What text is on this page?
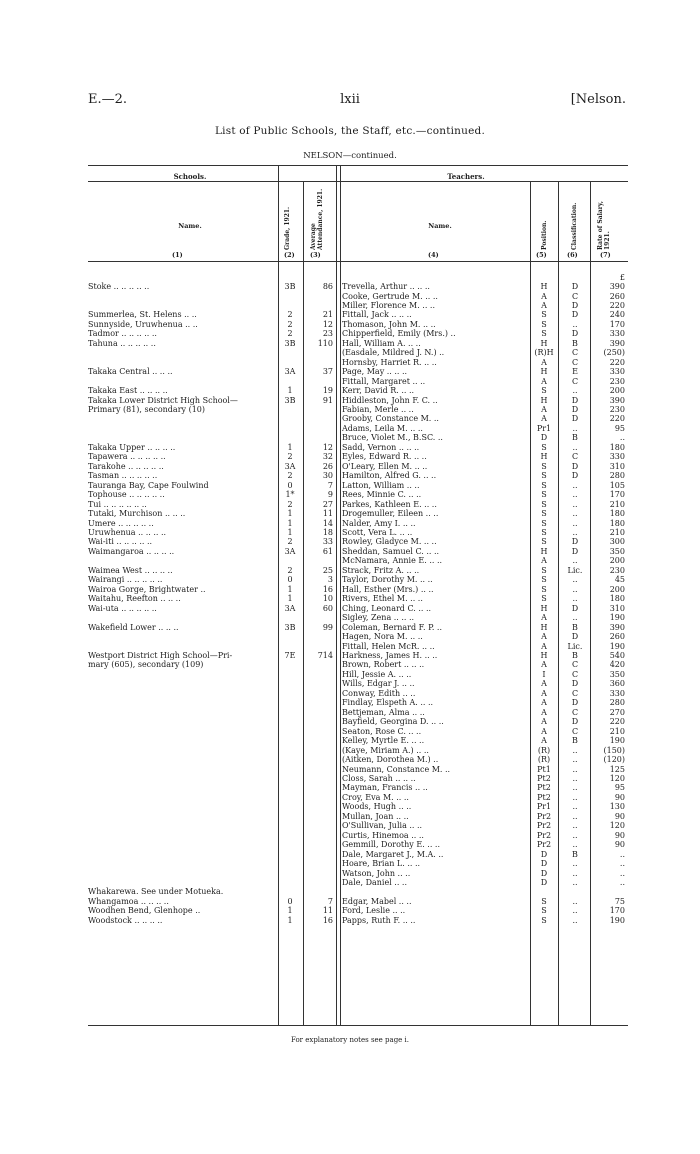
E.—2.	lxii	[Nelson.
List of Public Schools, the Staff, etc.—continued.
NELSON—continued.
Schools.	Teachers.
Name.	Grade, 1921.	Average Attendance, 1921.	Name.	Position.	Classification.	Rate of Salary, 1921.
(1)	(2) (3)	(4)	(5)	(6)	(7)
£
Stoke .. .. .. .. ..	3B	86 Trevella, Arthur .. .. ..	H	D	390
Cooke, Gertrude M. .. ..	A	C	260
Miller, Florence M. .. ..	A	D	220
Summerlea, St. Helens .. ..	2	21 Fittall, Jack .. .. ..	S	D	240
Sunnyside, Uruwhenua .. ..	2	12 Thomason, John M. .. ..	S	..	170
Tadmor .. .. .. .. ..	2	23 Chipperfield, Emily (Mrs.) ..	S	D	330
Tahuna .. .. .. .. ..	3B	110 Hall, William A. .. ..	H	B	390
(Easdale, Mildred J. N.) ..	(R)H	C	(250)
Hornsby, Harriet R. .. ..	A	C	220
Takaka Central .. .. ..	3A	37 Page, May .. .. ..	H	E	330
Fittall, Margaret .. ..	A	C	230
Takaka East .. .. .. ..	1	19 Kerr, David R. .. ..	S	..	200
Takaka Lower District High School—	3B	91 Hiddleston, John F. C. ..	H	D	390
Primary (81), secondary (10)	Fabian, Merle .. ..	A	D	230
Grooby, Constance M. ..	A	D	220
Adams, Leila M. .. ..	Pr1	..	95
Bruce, Violet M., B.SC. ..	D	B	..
Takaka Upper .. .. .. ..	1	12 Sadd, Vernon .. .. ..	S	..	180
Tapawera .. .. .. .. ..	2	32 Eyles, Edward R. .. ..	H	C	330
Tarakohe .. .. .. .. ..	3A	26 O'Leary, Ellen M. .. ..	S	D	310
Tasman .. .. .. .. ..	2	30 Hamilton, Alfred G. .. ..	S	D	280
Tauranga Bay, Cape Foulwind	0	7 Latton, William .. ..	S	..	105
Tophouse .. .. .. .. ..	1*	9 Rees, Minnie C. .. ..	S	..	170
Tui .. .. .. .. .. ..	2	27 Parkes, Kathleen E. .. ..	S	..	210
Tutaki, Murchison .. .. ..	1	11 Drogemuller, Eileen .. ..	S	..	180
Umere .. .. .. .. ..	1	14 Nalder, Amy I. .. ..	S	..	180
Uruwhenua .. .. .. ..	1	18 Scott, Vera L. .. ..	S	..	210
Wai-iti .. .. .. .. ..	2	33 Rowley, Gladyce M. .. ..	S	D	300
Waimangaroa .. .. .. ..	3A	61 Sheddan, Samuel C. .. ..	H	D	350
McNamara, Annie E. .. ..	A	..	200
Waimea West .. .. .. ..	2	25 Strack, Fritz A. .. ..	S	Lic.	230
Wairangi .. .. .. .. ..	0	3 Taylor, Dorothy M. .. ..	S	..	45
Wairoa Gorge, Brightwater ..	1	16 Hall, Esther (Mrs.) .. ..	S	..	200
Waitahu, Reefton .. .. ..	1	10 Rivers, Ethel M. .. ..	S	..	180
Wai-uta .. .. .. .. ..	3A	60 Ching, Leonard C. .. ..	H	D	310
Sigley, Zena .. .. ..	A	..	190
Wakefield Lower .. .. ..	3B	99 Coleman, Bernard F. P. ..	H	B	390
Hagen, Nora M. .. ..	A	D	260
Fittall, Helen McR. .. ..	A	Lic.	190
Westport District High School—Pri-	7E	714 Harkness, James H. .. ..	H	B	540
mary (605), secondary (109)	Brown, Robert .. .. ..	A	C	420
Hill, Jessie A. .. ..	I	C	350
Wills, Edgar J. .. ..	A	D	360
Conway, Edith .. ..	A	C	330
Findlay, Elspeth A. .. ..	A	D	280
Bettjeman, Alma .. ..	A	C	270
Bayfield, Georgina D. .. ..	A	D	220
Seaton, Rose C. .. ..	A	C	210
Kelley, Myrtle E. .. ..	A	B	190
(Kaye, Miriam A.) .. ..	(R)	..	(150)
(Aitken, Dorothea M.) ..	(R)	..	(120)
Neumann, Constance M. ..	Pt1	..	125
Closs, Sarah .. .. ..	Pt2	..	120
Mayman, Francis .. ..	Pt2	..	95
Croy, Eva M. .. ..	Pt2	..	90
Woods, Hugh .. ..	Pr1	..	130
Mullan, Joan .. ..	Pr2	..	90
O'Sullivan, Julia .. ..	Pr2	..	120
Curtis, Hinemoa .. ..	Pr2	..	90
Gemmill, Dorothy E. .. ..	Pr2	..	90
Dale, Margaret J., M.A. ..	D	B	..
Hoare, Brian L. .. ..	D	..	..
Watson, John .. ..	D	..	..
Dale, Daniel .. ..	D	..	..
Whakarewa. See under Motueka.
Whangamoa .. .. .. ..	0	7 Edgar, Mabel .. ..	S	..	75
Woodhen Bend, Glenhope ..	1	11 Ford, Leslie .. ..	S	..	170
Woodstock .. .. .. ..	1	16 Papps, Ruth F. .. ..	S	..	190
For explanatory notes see page i.
